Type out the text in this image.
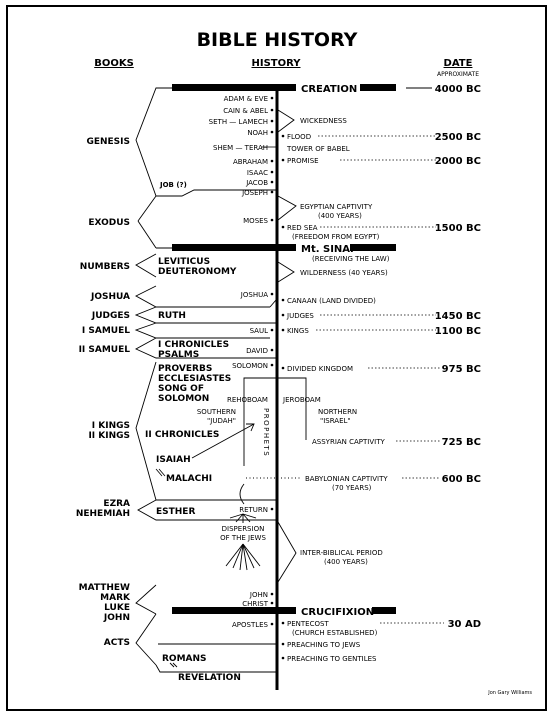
BIBLE HISTORY
BOOKS	HISTORY	DATE
APPROXIMATE
CREATION
Mt. SINAI
CRUCIFIXION
4000 BC
2500 BC
2000 BC
1500 BC
1450 BC
1100 BC
975 BC
725 BC
600 BC
30 AD
GENESIS
EXODUS
NUMBERS
JOSHUA
JUDGES
I SAMUEL
II SAMUEL
I KINGS
II KINGS
EZRA
NEHEMIAH
MATTHEW
MARK
LUKE
JOHN
ACTS
JOB (?)
LEVITICUS
DEUTERONOMY
RUTH
I CHRONICLES
PSALMS
PROVERBS
ECCLESIASTES
SONG OF
SOLOMON
II CHRONICLES
ISAIAH
MALACHI
ESTHER
ROMANS
REVELATION
ADAM & EVE
CAIN & ABEL
SETH — LAMECH
NOAH
SHEM — TERAH
ABRAHAM
ISAAC
JACOB
JOSEPH
MOSES
JOSHUA
SAUL
DAVID
SOLOMON
RETURN
JOHN
CHRIST
APOSTLES
WICKEDNESS
FLOOD
TOWER OF BABEL
PROMISE
EGYPTIAN CAPTIVITY
(400 YEARS)
RED SEA
(FREEDOM FROM EGYPT)
(RECEIVING THE LAW)
WILDERNESS (40 YEARS)
CANAAN (LAND DIVIDED)
JUDGES
KINGS
DIVIDED KINGDOM
ASSYRIAN CAPTIVITY
BABYLONIAN CAPTIVITY
(70 YEARS)
INTER-BIBLICAL PERIOD
(400 YEARS)
PENTECOST
(CHURCH ESTABLISHED)
PREACHING TO JEWS
PREACHING TO GENTILES
REHOBOAM JEROBOAM
SOUTHERN
"JUDAH"
NORTHERN
"ISRAEL"
PROPHETS
DISPERSION
OF THE JEWS
Jon Gary Williams
